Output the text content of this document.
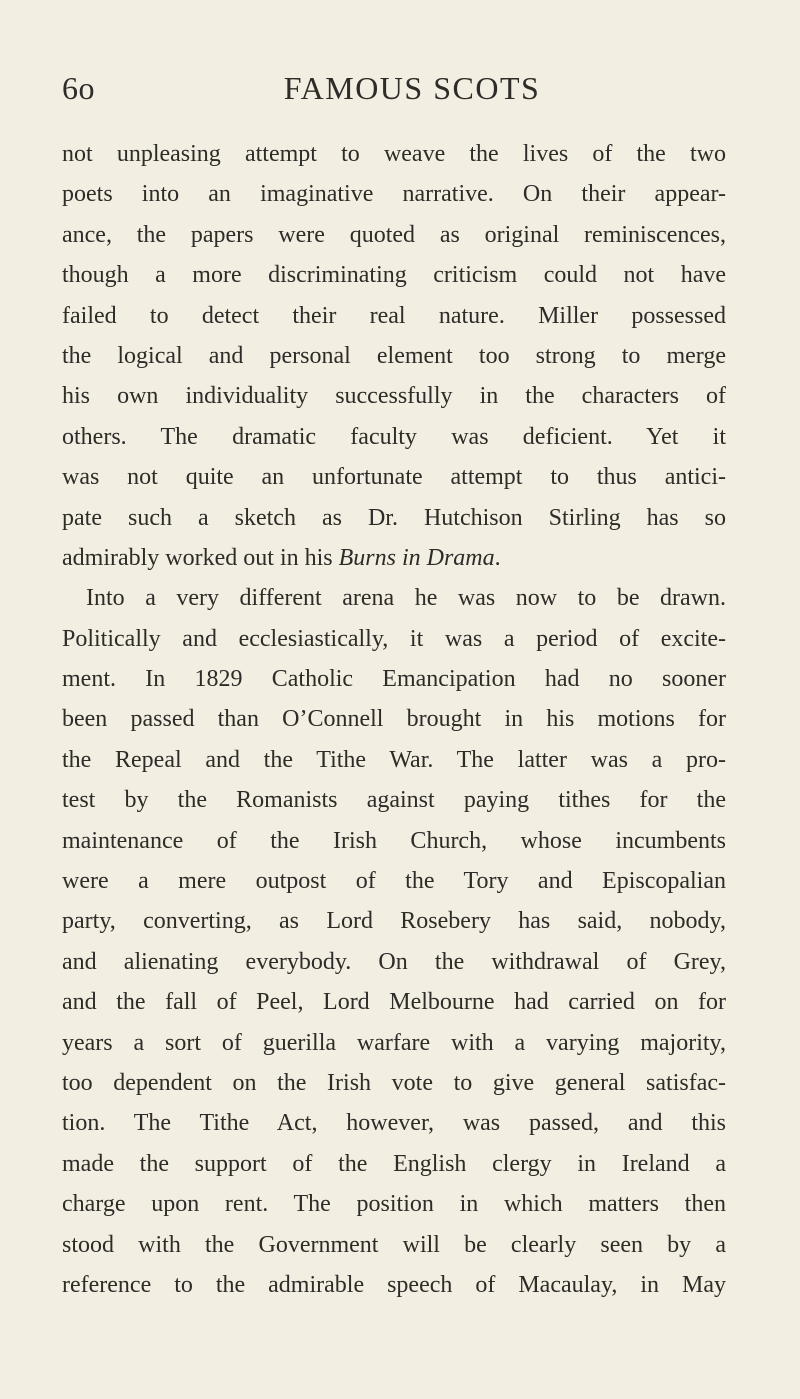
6o	FAMOUS SCOTS
not unpleasing attempt to weave the lives of the two
poets into an imaginative narrative. On their appear-
ance, the papers were quoted as original reminiscences,
though a more discriminating criticism could not have
failed to detect their real nature. Miller possessed
the logical and personal element too strong to merge
his own individuality successfully in the characters of
others. The dramatic faculty was deficient. Yet it
was not quite an unfortunate attempt to thus antici-
pate such a sketch as Dr. Hutchison Stirling has so
admirably worked out in his Burns in Drama.
Into a very different arena he was now to be drawn.
Politically and ecclesiastically, it was a period of excite-
ment. In 1829 Catholic Emancipation had no sooner
been passed than O’Connell brought in his motions for
the Repeal and the Tithe War. The latter was a pro-
test by the Romanists against paying tithes for the
maintenance of the Irish Church, whose incumbents
were a mere outpost of the Tory and Episcopalian
party, converting, as Lord Rosebery has said, nobody,
and alienating everybody. On the withdrawal of Grey,
and the fall of Peel, Lord Melbourne had carried on for
years a sort of guerilla warfare with a varying majority,
too dependent on the Irish vote to give general satisfac-
tion. The Tithe Act, however, was passed, and this
made the support of the English clergy in Ireland a
charge upon rent. The position in which matters then
stood with the Government will be clearly seen by a
reference to the admirable speech of Macaulay, in May
